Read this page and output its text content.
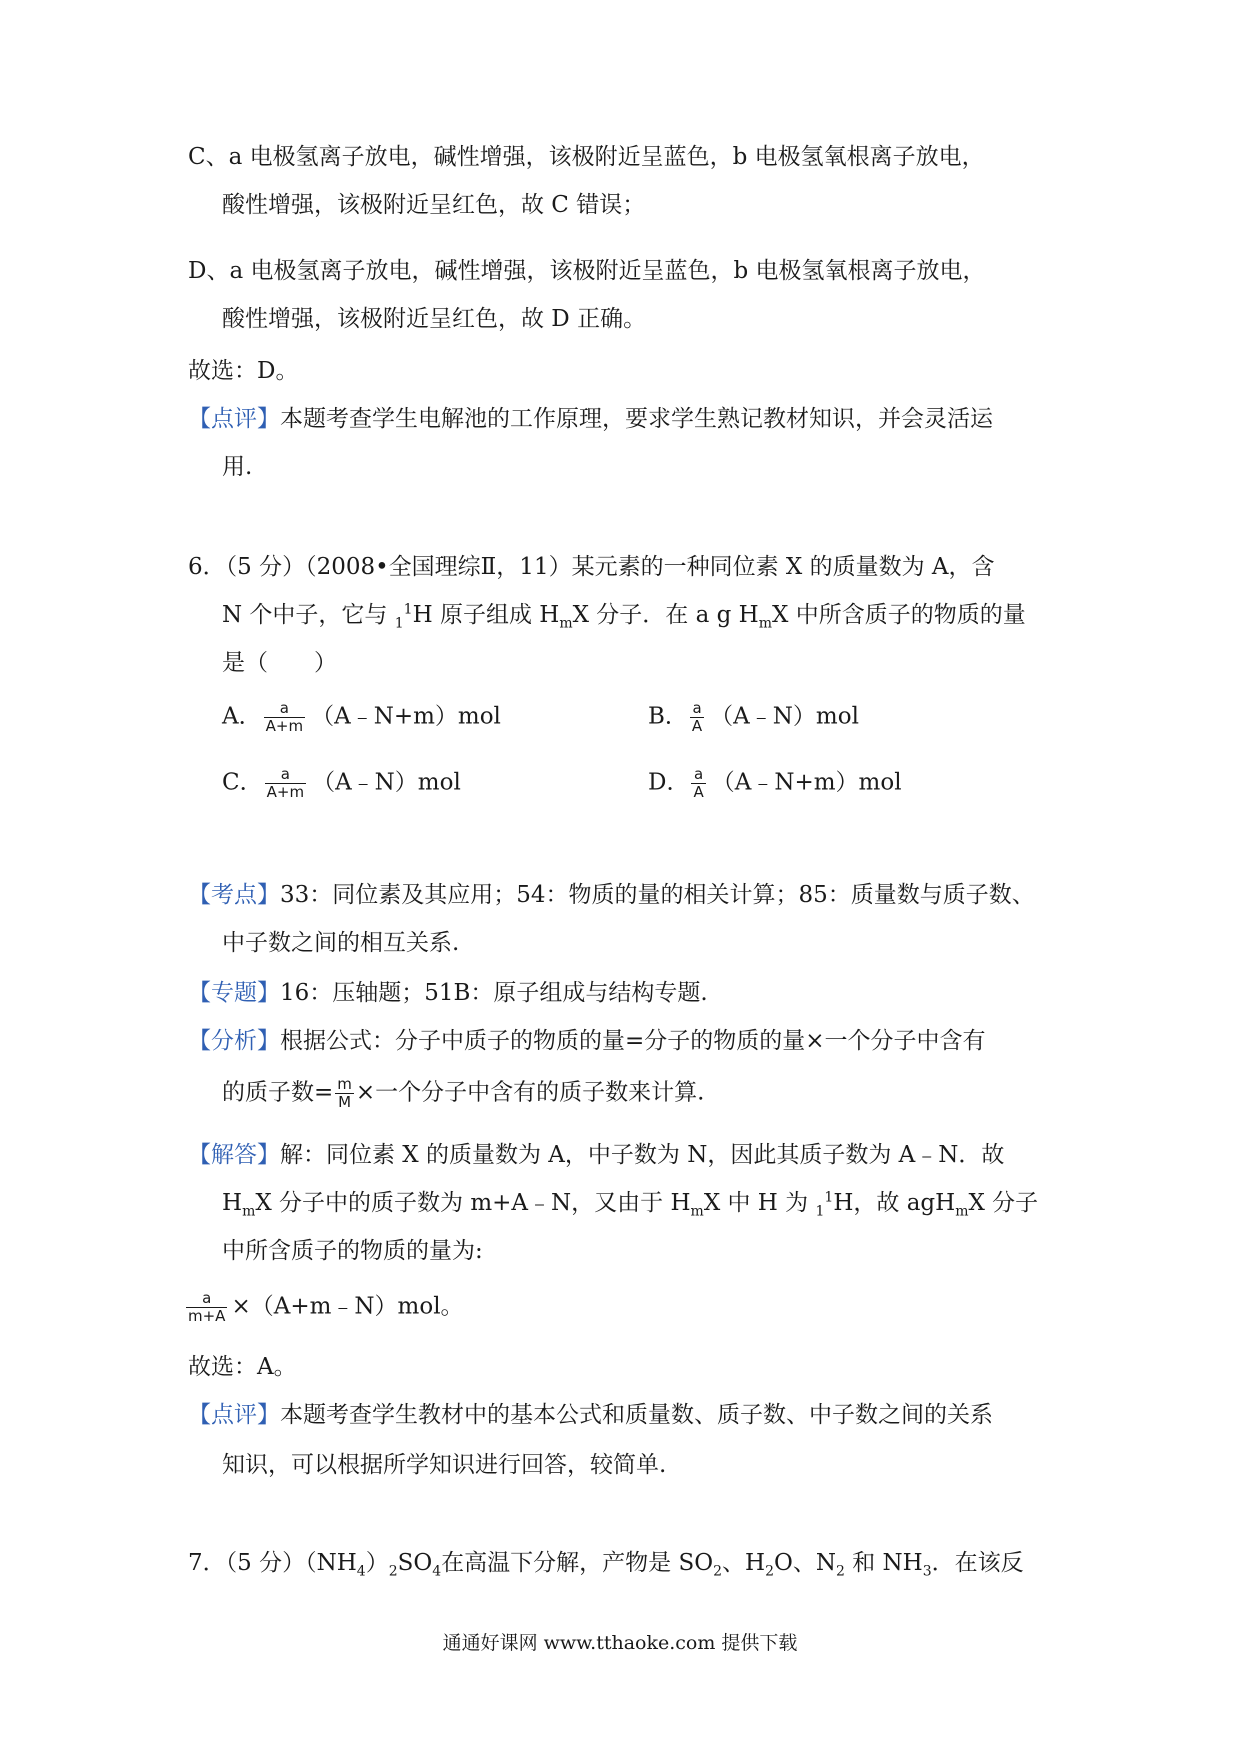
C、a 电极氢离子放电，碱性增强，该极附近呈蓝色，b 电极氢氧根离子放电，
酸性增强，该极附近呈红色，故 C 错误；
D、a 电极氢离子放电，碱性增强，该极附近呈蓝色，b 电极氢氧根离子放电，
酸性增强，该极附近呈红色，故 D 正确。
故选：D。
【点评】本题考查学生电解池的工作原理，要求学生熟记教材知识，并会灵活运
用.
6．（5 分）（2008•全国理综Ⅱ，11）某元素的一种同位素 X 的质量数为 A，含
N 个中子，它与 $_1^1$H 原子组成 $H_mX$ 分子．在 a g $H_mX$ 中所含质子的物质的量
是（　　）
A． $\frac{a}{A+m}$ （A﹣N+m）mol	B． $\frac{a}{A}$ （A﹣N）mol
C． $\frac{a}{A+m}$ （A﹣N）mol	D． $\frac{a}{A}$ （A﹣N+m）mol
【考点】33：同位素及其应用；54：物质的量的相关计算；85：质量数与质子数、
中子数之间的相互关系.
【专题】16：压轴题；51B：原子组成与结构专题.
【分析】根据公式：分子中质子的物质的量=分子的物质的量×一个分子中含有
的质子数= $\frac{m}{M}$ ×一个分子中含有的质子数来计算.
【解答】解：同位素 X 的质量数为 A，中子数为 N，因此其质子数为 A﹣N．故
$H_mX$ 分子中的质子数为 m+A﹣N，又由于 $H_mX$ 中 H 为 $_1^1$H，故 agH$_m$X 分子
中所含质子的物质的量为:
$\frac{a}{m+A}$ ×（A+m﹣N）mol。
故选：A。
【点评】本题考查学生教材中的基本公式和质量数、质子数、中子数之间的关系
知识，可以根据所学知识进行回答，较简单.
7．（5 分）$(NH_4)_2SO_4$在高温下分解，产物是 $SO_2$、$H_2O$、$N_2$ 和 $NH_3$．在该反
通通好课网 www.tthaoke.com 提供下载
